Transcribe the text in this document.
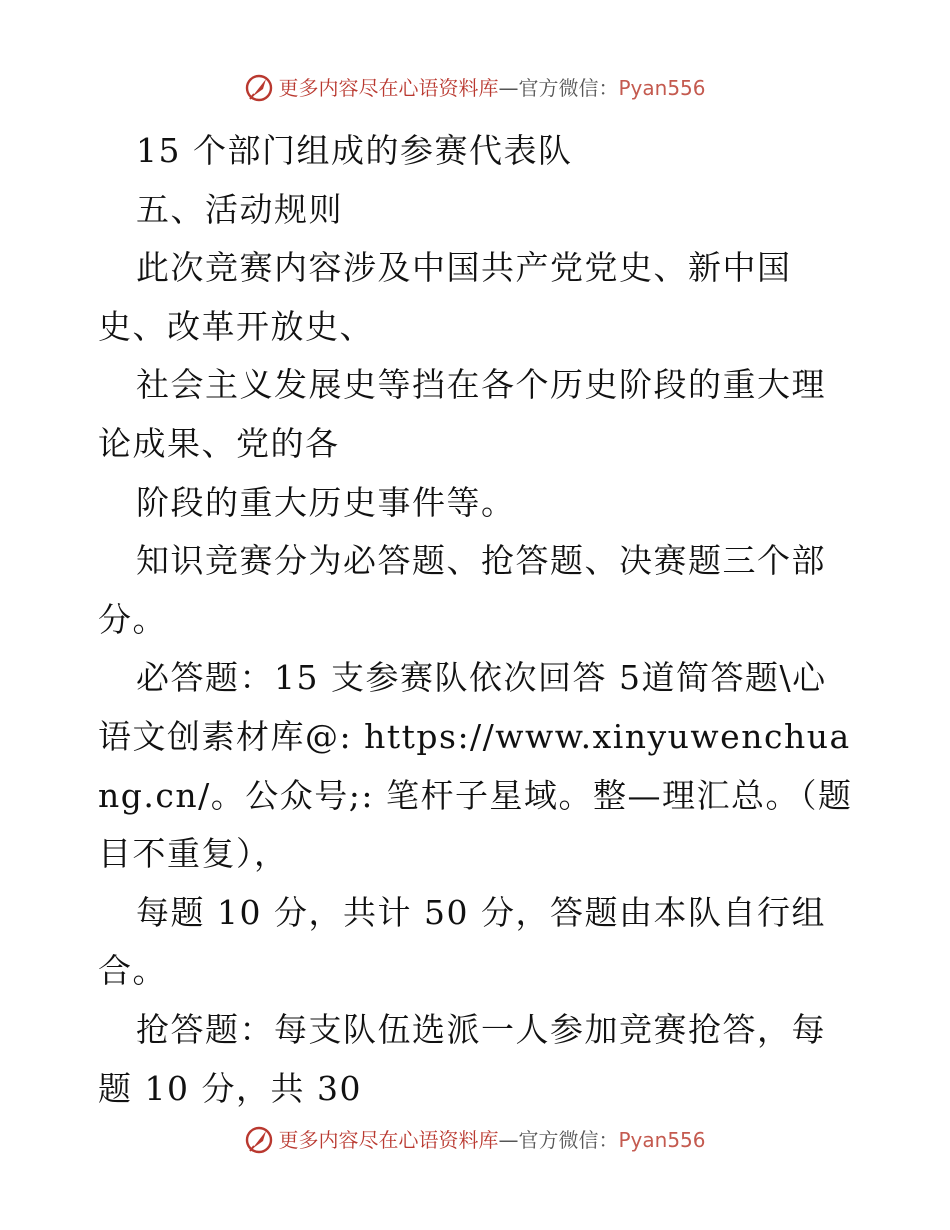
更多内容尽在心语资料库—官方微信：Pyan556

15 个部门组成的参赛代表队

五、活动规则

此次竞赛内容涉及中国共产党党史、新中国史、改革开放史、

社会主义发展史等挡在各个历史阶段的重大理论成果、党的各

阶段的重大历史事件等。

知识竞赛分为必答题、抢答题、决赛题三个部分。

必答题：15 支参赛队依次回答 5道简答题\心语文创素材库@: https://www.xinyuwenchuang.cn/。公众号;: 笔杆子星域。整—理汇总。（题目不重复），

每题 10 分，共计 50 分，答题由本队自行组合。

抢答题：每支队伍选派一人参加竞赛抢答，每题 10 分，共 30

更多内容尽在心语资料库—官方微信：Pyan556
